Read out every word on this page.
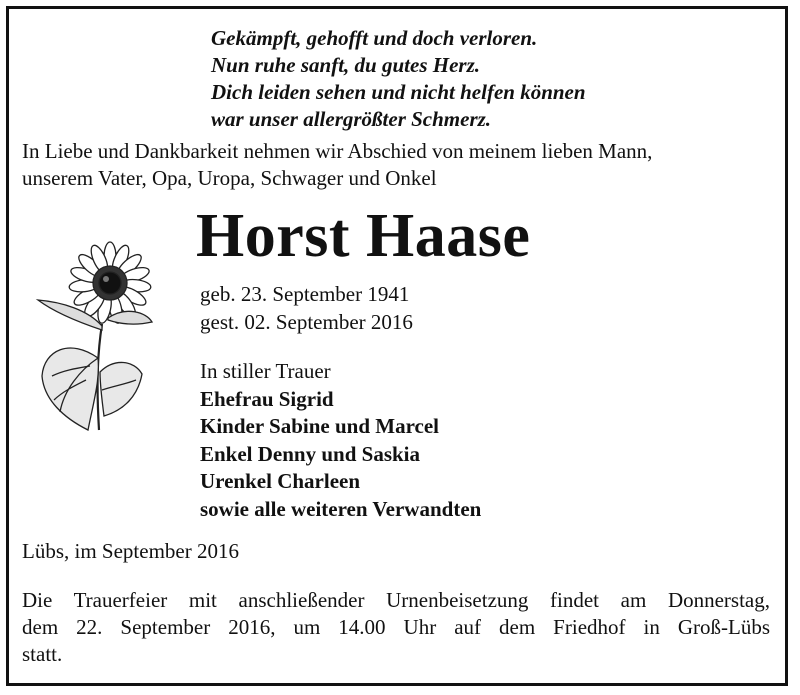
Gekämpft, gehofft und doch verloren.
Nun ruhe sanft, du gutes Herz.
Dich leiden sehen und nicht helfen können
war unser allergrößter Schmerz.
In Liebe und Dankbarkeit nehmen wir Abschied von meinem lieben Mann,
unserem Vater, Opa, Uropa, Schwager und Onkel
Horst Haase
geb. 23. September 1941
gest. 02. September 2016
In stiller Trauer
Ehefrau Sigrid
Kinder Sabine und Marcel
Enkel Denny und Saskia
Urenkel Charleen
sowie alle weiteren Verwandten
Lübs, im September 2016
Die Trauerfeier mit anschließender Urnenbeisetzung findet am Donnerstag,
dem 22. September 2016, um 14.00 Uhr auf dem Friedhof in Groß-Lübs
statt.
